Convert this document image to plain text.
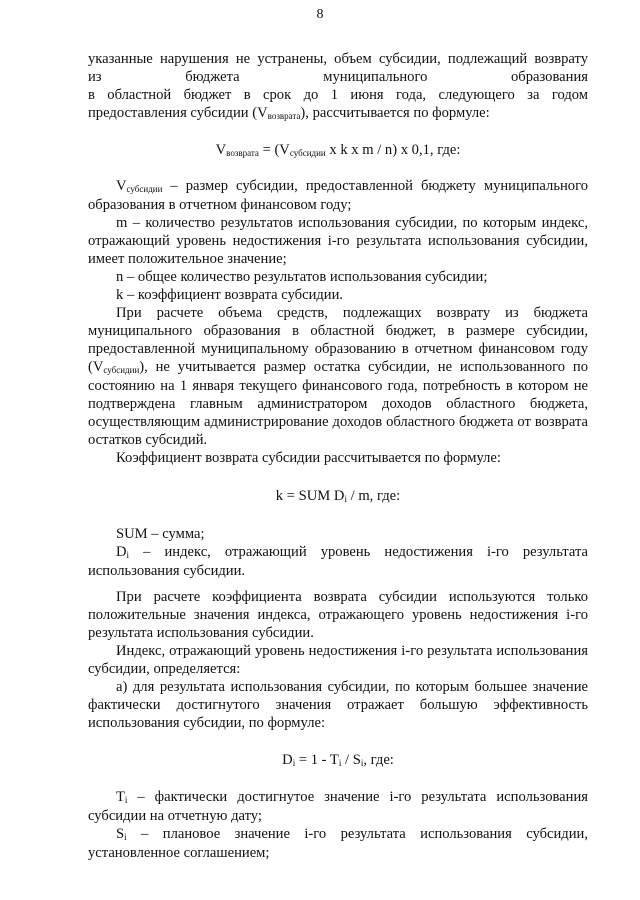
8

указанные нарушения не устранены, объем субсидии, подлежащий возврату
из бюджета муниципального образования
в областной бюджет в срок до 1 июня года, следующего за годом
предоставления субсидии $(V_{возврата})$, рассчитывается по формуле:

$V_{возврата} = (V_{субсидии}$ x k x m / n) x 0,1, где:

$V_{субсидии}$ – размер субсидии, предоставленной бюджету муниципального образования в отчетном финансовом году;

m – количество результатов использования субсидии, по которым индекс, отражающий уровень недостижения i-го результата использования субсидии, имеет положительное значение;

n – общее количество результатов использования субсидии;

k – коэффициент возврата субсидии.

При расчете объема средств, подлежащих возврату из бюджета муниципального образования в областной бюджет, в размере субсидии, предоставленной муниципальному образованию в отчетном финансовом году $(V_{субсидии})$, не учитывается размер остатка субсидии, не использованного по состоянию на 1 января текущего финансового года, потребность в котором не подтверждена главным администратором доходов областного бюджета, осуществляющим администрирование доходов областного бюджета от возврата остатков субсидий.

Коэффициент возврата субсидии рассчитывается по формуле:

k = SUM $D_i$ / m, где:

SUM – сумма;

$D_i$ – индекс, отражающий уровень недостижения i-го результата использования субсидии.

При расчете коэффициента возврата субсидии используются только положительные значения индекса, отражающего уровень недостижения i-го результата использования субсидии.

Индекс, отражающий уровень недостижения i-го результата использования субсидии, определяется:

а) для результата использования субсидии, по которым большее значение фактически достигнутого значения отражает большую эффективность использования субсидии, по формуле:

$D_i = 1 - T_i / S_i$, где:

$T_i$ – фактически достигнутое значение i-го результата использования субсидии на отчетную дату;

$S_i$ – плановое значение i-го результата использования субсидии, установленное соглашением;
